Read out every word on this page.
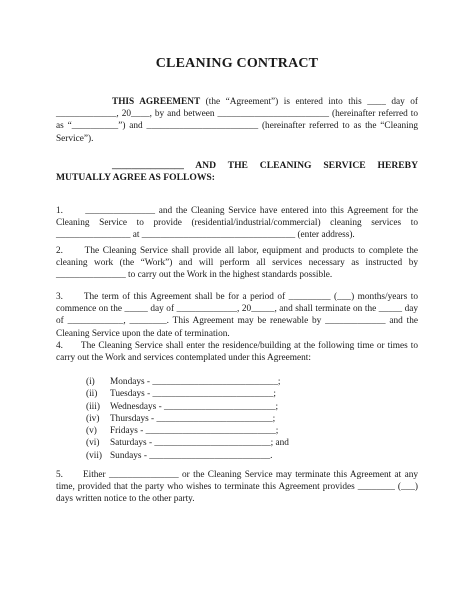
CLEANING CONTRACT
THIS AGREEMENT (the “Agreement”) is entered into this ____ day of _____________, 20____, by and between ________________________ (hereinafter referred to as “__________”) and ________________________ (hereinafter referred to as the “Cleaning Service”).
_______________ AND THE CLEANING SERVICE HEREBY MUTUALLY AGREE AS FOLLOWS:
1.      _______________ and the Cleaning Service have entered into this Agreement for the Cleaning Service to provide (residential/industrial/commercial) cleaning services to ________________ at _________________________________ (enter address).
2.      The Cleaning Service shall provide all labor, equipment and products to complete the cleaning work (the “Work”) and will perform all services necessary as instructed by _______________ to carry out the Work in the highest standards possible.
3.      The term of this Agreement shall be for a period of _________ (___) months/years to commence on the _____ day of _____________, 20_____, and shall terminate on the _____ day of ____________, ________. This Agreement may be renewable by _____________ and the Cleaning Service upon the date of termination.
4.      The Cleaning Service shall enter the residence/building at the following time or times to carry out the Work and services contemplated under this Agreement:
(i) Mondays - ___________________________;
(ii) Tuesdays - __________________________;
(iii) Wednesdays - ________________________;
(iv) Thursdays - _________________________;
(v) Fridays - ____________________________;
(vi) Saturdays - _________________________; and
(vii) Sundays - __________________________.
5.      Either _______________ or the Cleaning Service may terminate this Agreement at any time, provided that the party who wishes to terminate this Agreement provides ________ (___) days written notice to the other party.
